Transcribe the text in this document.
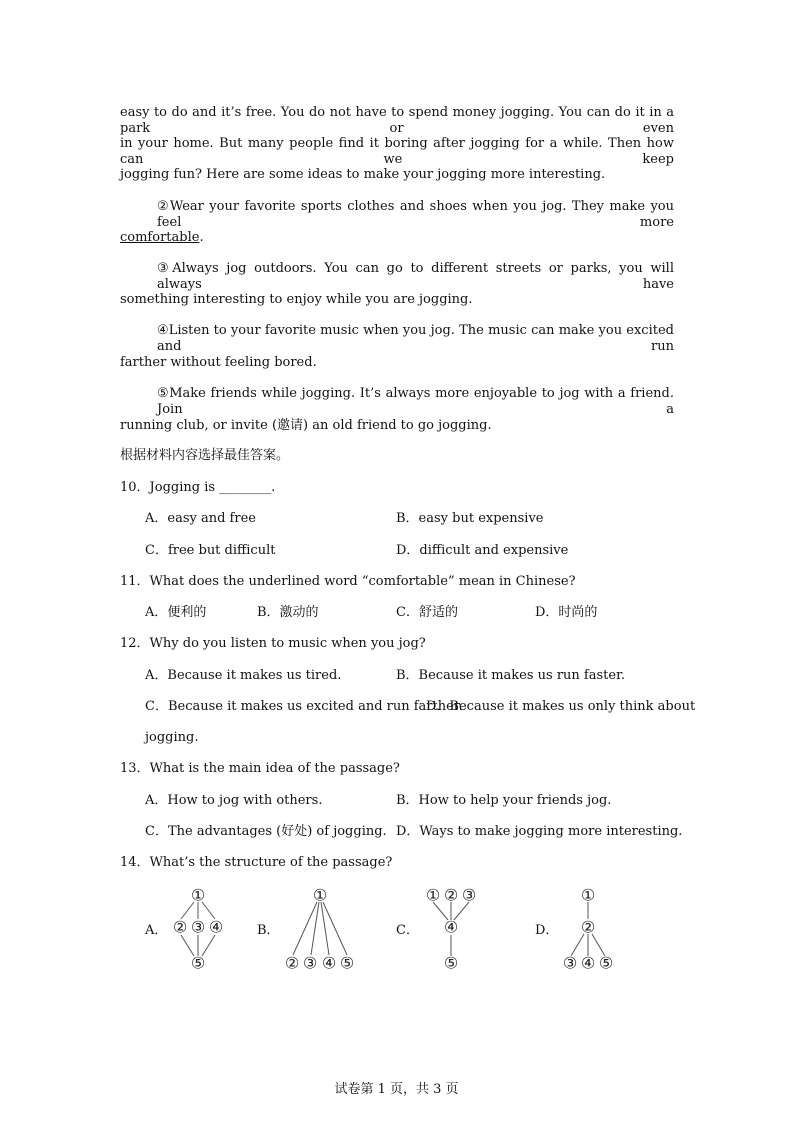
easy to do and it’s free. You do not have to spend money jogging. You can do it in a park or even
in your home. But many people find it boring after jogging for a while. Then how can we keep
jogging fun? Here are some ideas to make your jogging more interesting.
②Wear your favorite sports clothes and shoes when you jog. They make you feel more
comfortable.
③Always jog outdoors. You can go to different streets or parks, you will always have
something interesting to enjoy while you are jogging.
④Listen to your favorite music when you jog. The music can make you excited and run
farther without feeling bored.
⑤Make friends while jogging. It’s always more enjoyable to jog with a friend. Join a
running club, or invite (邀请) an old friend to go jogging.
根据材料内容选择最佳答案。
10．Jogging is ________.
A．easy and free	B．easy but expensive
C．free but difficult	D．difficult and expensive
11．What does the underlined word “comfortable” mean in Chinese?
A．便利的	B．激动的	C．舒适的	D．时尚的
12．Why do you listen to music when you jog?
A．Because it makes us tired.	B．Because it makes us run faster.
C．Because it makes us excited and run farther.
D．Because it makes us only think about
jogging.
13．What is the main idea of the passage?
A．How to jog with others.	B．How to help your friends jog.
C．The advantages (好处) of jogging. D．Ways to make jogging more interesting.
14．What’s the structure of the passage?
A．	B．	C．	D．
①
② ③ ④
⑤
①
② ③ ④ ⑤
① ② ③
④
⑤
①
②
③ ④ ⑤
试卷第 1 页，共 3 页
